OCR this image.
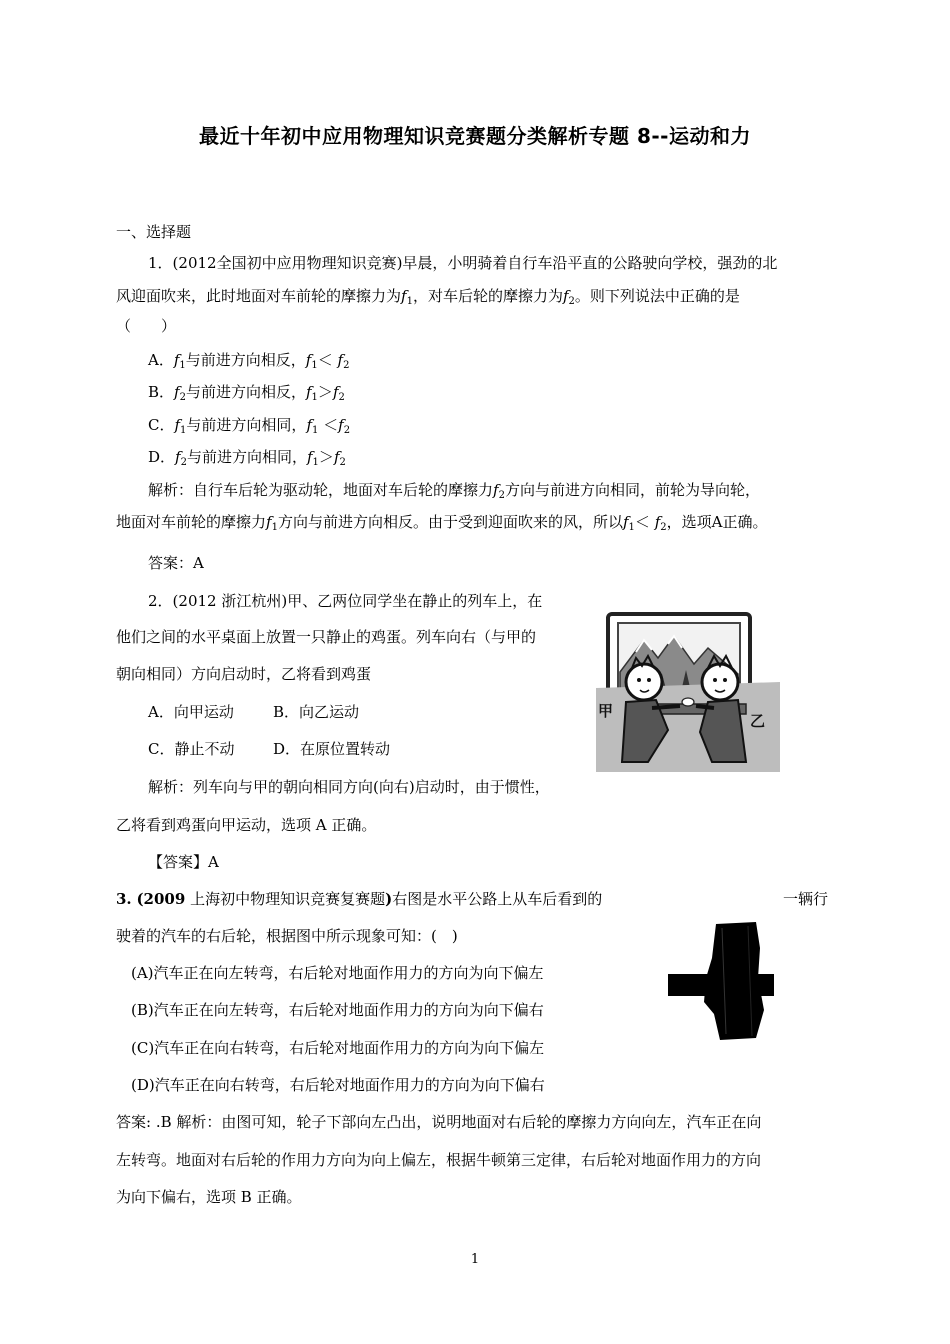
最近十年初中应用物理知识竞赛题分类解析专题 8--运动和力
一、选择题
1．(2012全国初中应用物理知识竞赛)早晨，小明骑着自行车沿平直的公路驶向学校，强劲的北
风迎面吹来，此时地面对车前轮的摩擦力为$f_1$，对车后轮的摩擦力为$f_2$。则下列说法中正确的是
（　　）
A．$f_1$与前进方向相反，$f_1< f_2$
B．$f_2$与前进方向相反，$f_1>f_2$
C．$f_1$与前进方向相同，$f_1 <f_2$
D．$f_2$与前进方向相同，$f_1>f_2$
解析：自行车后轮为驱动轮，地面对车后轮的摩擦力$f_2$方向与前进方向相同，前轮为导向轮，
地面对车前轮的摩擦力$f_1$方向与前进方向相反。由于受到迎面吹来的风，所以$f_1< f_2$，选项A正确。
答案：A
2．(2012 浙江杭州)甲、乙两位同学坐在静止的列车上，在
他们之间的水平桌面上放置一只静止的鸡蛋。列车向右（与甲的
朝向相同）方向启动时，乙将看到鸡蛋
A．向甲运动	B．向乙运动
C．静止不动	D．在原位置转动
解析：列车向与甲的朝向相同方向(向右)启动时，由于惯性，
乙将看到鸡蛋向甲运动，选项 A 正确。
【答案】A
甲
乙
3. (2009 上海初中物理知识竞赛复赛题)右图是水平公路上从车后看到的	一辆行
驶着的汽车的右后轮，根据图中所示现象可知：(　)
(A)汽车正在向左转弯，右后轮对地面作用力的方向为向下偏左
(B)汽车正在向左转弯，右后轮对地面作用力的方向为向下偏右
(C)汽车正在向右转弯，右后轮对地面作用力的方向为向下偏左
(D)汽车正在向右转弯，右后轮对地面作用力的方向为向下偏右
答案: .B 解析：由图可知，轮子下部向左凸出，说明地面对右后轮的摩擦力方向向左，汽车正在向
左转弯。地面对右后轮的作用力方向为向上偏左，根据牛顿第三定律，右后轮对地面作用力的方向
为向下偏右，选项 B 正确。
1
